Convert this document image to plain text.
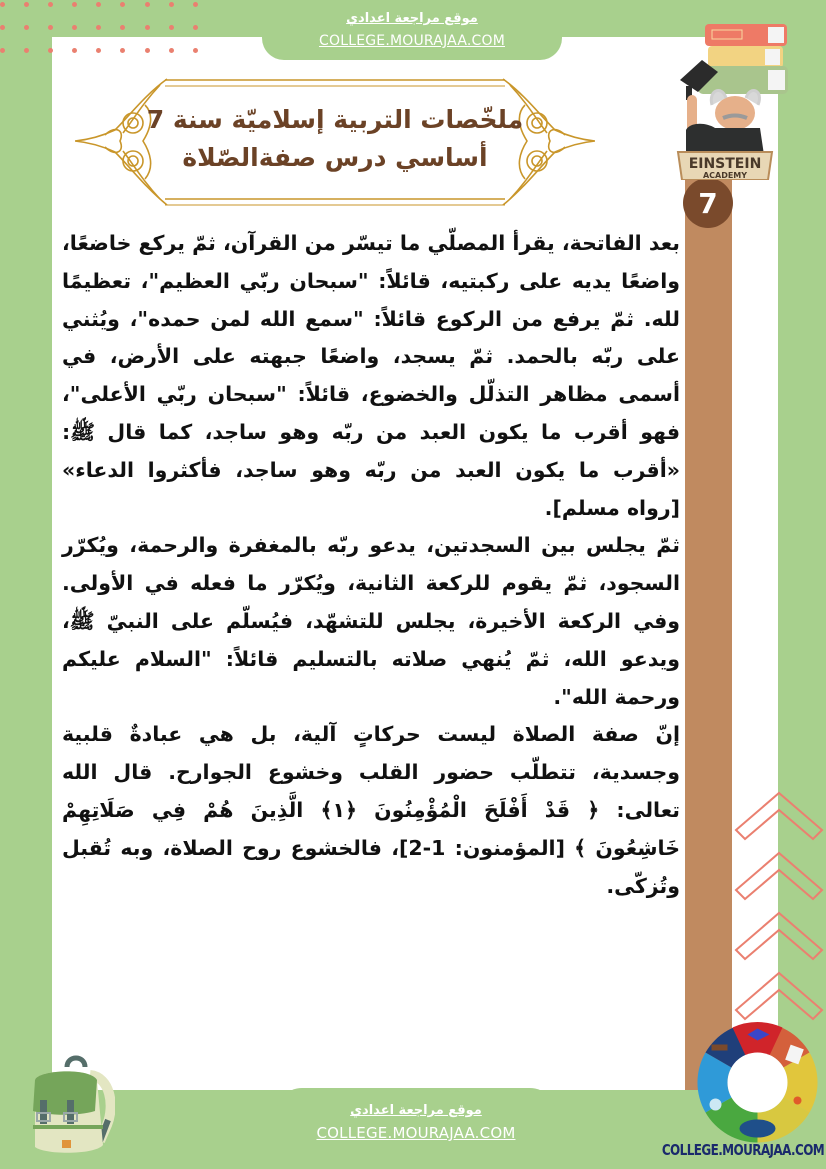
موقع مراجعة اعدادي
COLLEGE.MOURAJAA.COM
ملخّصات التربية إسلاميّة سنة 7
أساسي درس صفةالصّلاة
7
EINSTEIN
ACADEMY

بعد الفاتحة، يقرأ المصلّي ما تيسّر من القرآن، ثمّ يركع خاضعًا، واضعًا يديه على ركبتيه، قائلاً: "سبحان ربّي العظيم"، تعظيمًا لله. ثمّ يرفع من الركوع قائلاً: "سمع الله لمن حمده"، ويُثني على ربّه بالحمد. ثمّ يسجد، واضعًا جبهته على الأرض، في أسمى مظاهر التذلّل والخضوع، قائلاً: "سبحان ربّي الأعلى"، فهو أقرب ما يكون العبد من ربّه وهو ساجد، كما قال ﷺ: «أقرب ما يكون العبد من ربّه وهو ساجد، فأكثروا الدعاء» [رواه مسلم].

ثمّ يجلس بين السجدتين، يدعو ربّه بالمغفرة والرحمة، ويُكرّر السجود، ثمّ يقوم للركعة الثانية، ويُكرّر ما فعله في الأولى. وفي الركعة الأخيرة، يجلس للتشهّد، فيُسلّم على النبيّ ﷺ، ويدعو الله، ثمّ يُنهي صلاته بالتسليم قائلاً: "السلام عليكم ورحمة الله".

إنّ صفة الصلاة ليست حركاتٍ آلية، بل هي عبادةٌ قلبية وجسدية، تتطلّب حضور القلب وخشوع الجوارح. قال الله تعالى: ﴿ قَدْ أَفْلَحَ الْمُؤْمِنُونَ ﴿١﴾ الَّذِينَ هُمْ فِي صَلَاتِهِمْ خَاشِعُونَ ﴾ [المؤمنون: 1-2]، فالخشوع روح الصلاة، وبه تُقبل وتُزكّى.

COLLEGE.MOURAJAA.COM
موقع مراجعة اعدادي
COLLEGE.MOURAJAA.COM
